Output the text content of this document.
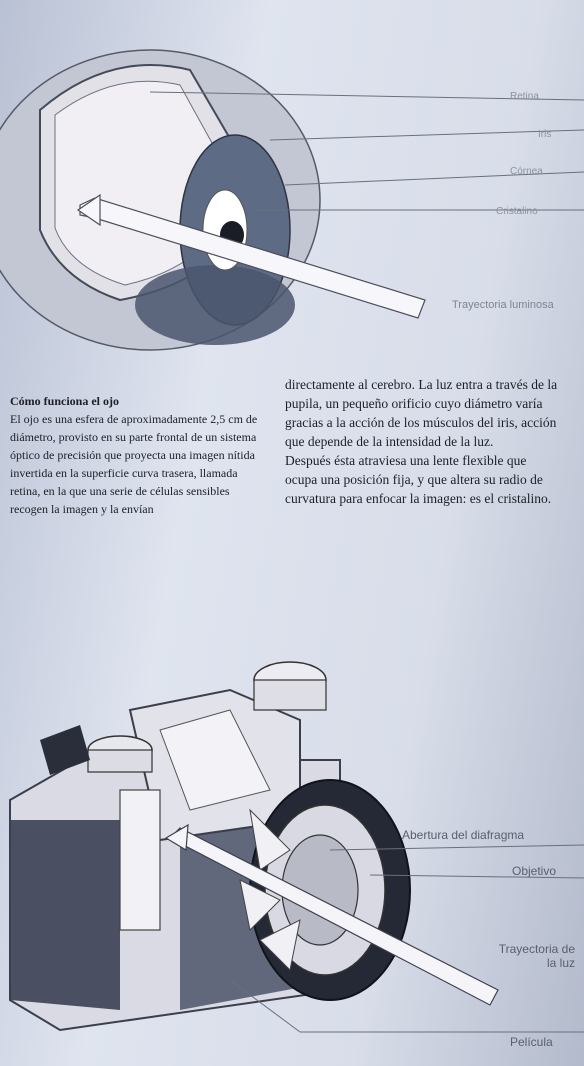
Retina
Iris
Córnea
Cristalino
Trayectoria luminosa
Cómo funciona el ojo
El ojo es una esfera de aproximadamente 2,5 cm de diámetro, provisto en su parte frontal de un sistema óptico de precisión que proyecta una imagen nítida invertida en la superficie curva trasera, llamada retina, en la que una serie de células sensibles recogen la imagen y la envían
directamente al cerebro. La luz entra a través de la pupila, un pequeño orificio cuyo diámetro varía gracias a la acción de los músculos del iris, acción que depende de la intensidad de la luz.
Después ésta atraviesa una lente flexible que ocupa una posición fija, y que altera su radio de curvatura para enfocar la imagen: es el cristalino.
Abertura del diafragma
Objetivo
Trayectoria de la luz
Película
